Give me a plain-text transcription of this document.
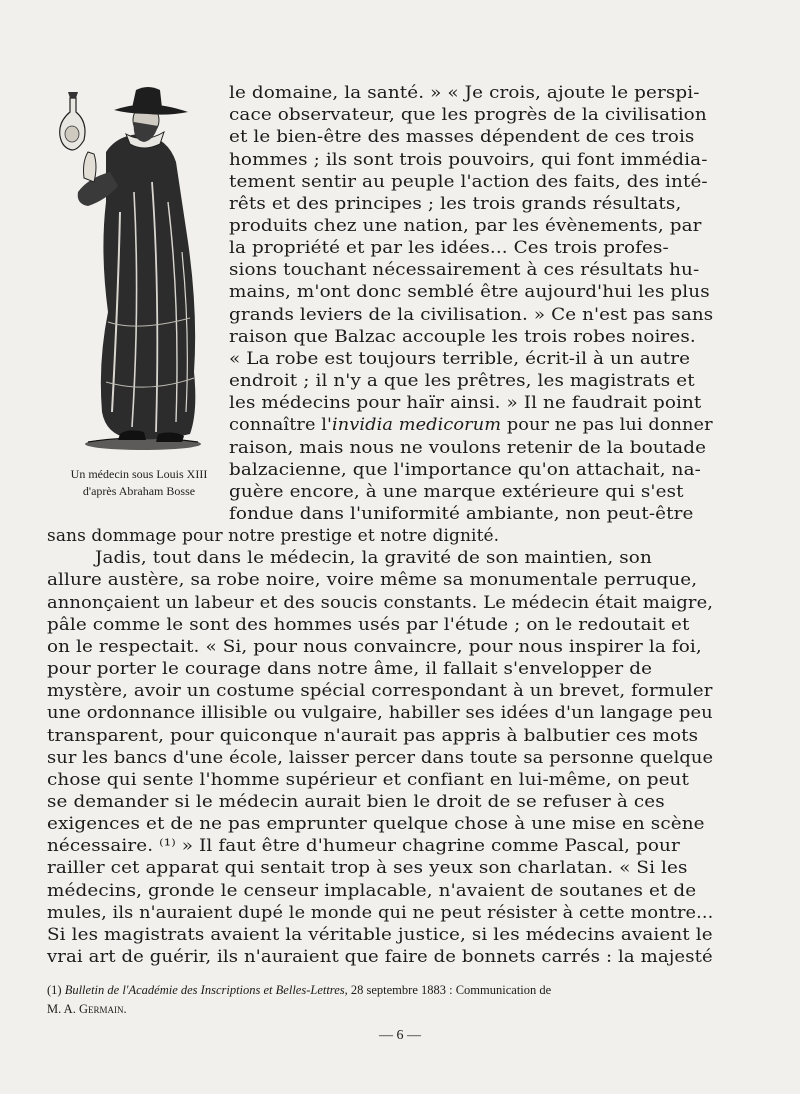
Un médecin sous Louis XIII
d'après Abraham Bosse
le domaine, la santé. » « Je crois, ajoute le perspi-
cace observateur, que les progrès de la civilisation
et le bien-être des masses dépendent de ces trois
hommes ; ils sont trois pouvoirs, qui font immédia-
tement sentir au peuple l'action des faits, des inté-
rêts et des principes ; les trois grands résultats,
produits chez une nation, par les évènements, par
la propriété et par les idées... Ces trois profes-
sions touchant nécessairement à ces résultats hu-
mains, m'ont donc semblé être aujourd'hui les plus
grands leviers de la civilisation. » Ce n'est pas sans
raison que Balzac accouple les trois robes noires.
« La robe est toujours terrible, écrit-il à un autre
endroit ; il n'y a que les prêtres, les magistrats et
les médecins pour haïr ainsi. » Il ne faudrait point
connaître l'invidia medicorum pour ne pas lui donner
raison, mais nous ne voulons retenir de la boutade
balzacienne, que l'importance qu'on attachait, na-
guère encore, à une marque extérieure qui s'est
fondue dans l'uniformité ambiante, non peut-être
sans dommage pour notre prestige et notre dignité.
Jadis, tout dans le médecin, la gravité de son maintien, son
allure austère, sa robe noire, voire même sa monumentale perruque,
annonçaient un labeur et des soucis constants. Le médecin était maigre,
pâle comme le sont des hommes usés par l'étude ; on le redoutait et
on le respectait. « Si, pour nous convaincre, pour nous inspirer la foi,
pour porter le courage dans notre âme, il fallait s'envelopper de
mystère, avoir un costume spécial correspondant à un brevet, formuler
une ordonnance illisible ou vulgaire, habiller ses idées d'un langage peu
transparent, pour quiconque n'aurait pas appris à balbutier ces mots
sur les bancs d'une école, laisser percer dans toute sa personne quelque
chose qui sente l'homme supérieur et confiant en lui-même, on peut
se demander si le médecin aurait bien le droit de se refuser à ces
exigences et de ne pas emprunter quelque chose à une mise en scène
nécessaire. ⁽¹⁾ » Il faut être d'humeur chagrine comme Pascal, pour
railler cet apparat qui sentait trop à ses yeux son charlatan. « Si les
médecins, gronde le censeur implacable, n'avaient de soutanes et de
mules, ils n'auraient dupé le monde qui ne peut résister à cette montre...
Si les magistrats avaient la véritable justice, si les médecins avaient le
vrai art de guérir, ils n'auraient que faire de bonnets carrés : la majesté
(1) Bulletin de l'Académie des Inscriptions et Belles-Lettres, 28 septembre 1883 : Communication de
M. A. Germain.
— 6 —
